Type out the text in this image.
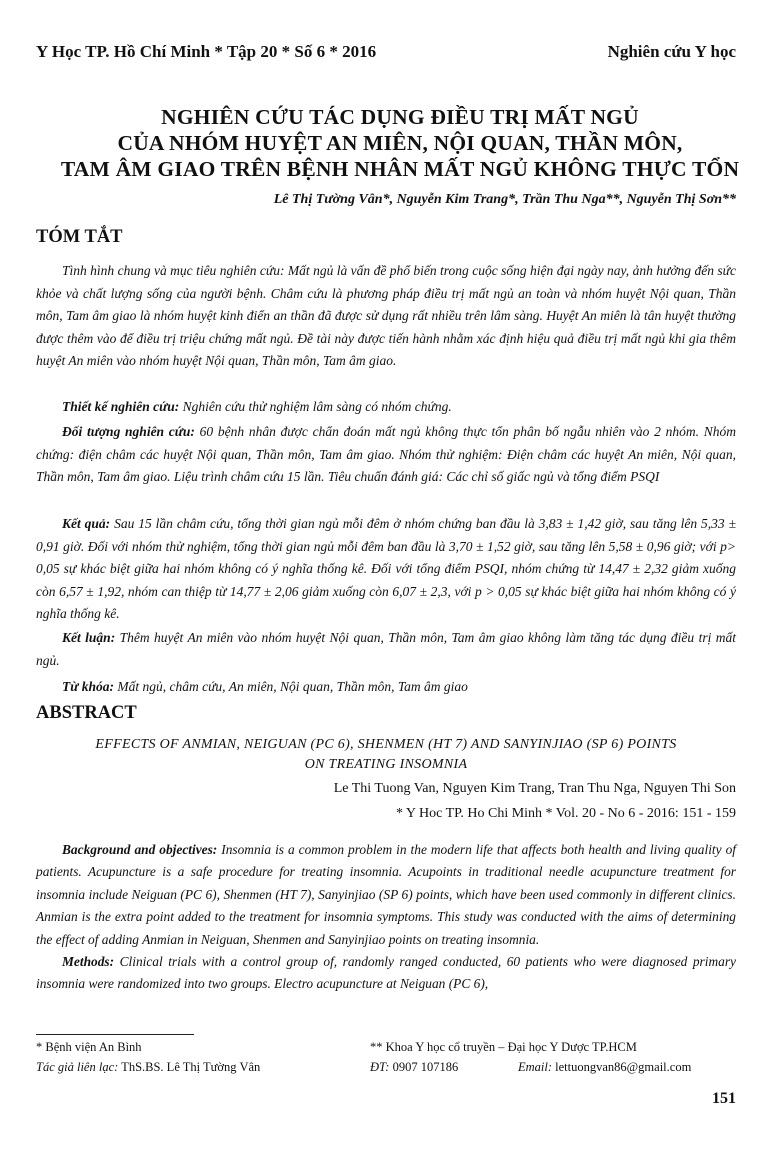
Y Học TP. Hồ Chí Minh * Tập 20 * Số 6 * 2016	Nghiên cứu Y học
NGHIÊN CỨU TÁC DỤNG ĐIỀU TRỊ MẤT NGỦ
CỦA NHÓM HUYỆT AN MIÊN, NỘI QUAN, THẦN MÔN,
TAM ÂM GIAO TRÊN BỆNH NHÂN MẤT NGỦ KHÔNG THỰC TỔN
Lê Thị Tường Vân*, Nguyễn Kim Trang*, Trần Thu Nga**, Nguyễn Thị Sơn**
TÓM TẮT
Tình hình chung và mục tiêu nghiên cứu: Mất ngủ là vấn đề phổ biến trong cuộc sống hiện đại ngày nay, ảnh hưởng đến sức khỏe và chất lượng sống của người bệnh. Châm cứu là phương pháp điều trị mất ngủ an toàn và nhóm huyệt Nội quan, Thần môn, Tam âm giao là nhóm huyệt kinh điển an thần đã được sử dụng rất nhiều trên lâm sàng. Huyệt An miên là tân huyệt thường được thêm vào để điều trị triệu chứng mất ngủ. Đề tài này được tiến hành nhằm xác định hiệu quả điều trị mất ngủ khi gia thêm huyệt An miên vào nhóm huyệt Nội quan, Thần môn, Tam âm giao.
Thiết kế nghiên cứu: Nghiên cứu thử nghiệm lâm sàng có nhóm chứng.
Đối tượng nghiên cứu: 60 bệnh nhân được chẩn đoán mất ngủ không thực tổn phân bố ngẫu nhiên vào 2 nhóm. Nhóm chứng: điện châm các huyệt Nội quan, Thần môn, Tam âm giao. Nhóm thử nghiệm: Điện châm các huyệt An miên, Nội quan, Thần môn, Tam âm giao. Liệu trình châm cứu 15 lần. Tiêu chuẩn đánh giá: Các chỉ số giấc ngủ và tổng điểm PSQI
Kết quả: Sau 15 lần châm cứu, tổng thời gian ngủ mỗi đêm ở nhóm chứng ban đầu là 3,83 ± 1,42 giờ, sau tăng lên 5,33 ± 0,91 giờ. Đối với nhóm thử nghiệm, tổng thời gian ngủ mỗi đêm ban đầu là 3,70 ± 1,52 giờ, sau tăng lên 5,58 ± 0,96 giờ; với p> 0,05 sự khác biệt giữa hai nhóm không có ý nghĩa thống kê. Đối với tổng điểm PSQI, nhóm chứng từ 14,47 ± 2,32 giảm xuống còn 6,57 ± 1,92, nhóm can thiệp từ 14,77 ± 2,06 giảm xuống còn 6,07 ± 2,3, với p > 0,05 sự khác biệt giữa hai nhóm không có ý nghĩa thống kê.
Kết luận: Thêm huyệt An miên vào nhóm huyệt Nội quan, Thần môn, Tam âm giao không làm tăng tác dụng điều trị mất ngủ.
Từ khóa: Mất ngủ, châm cứu, An miên, Nội quan, Thần môn, Tam âm giao
ABSTRACT
EFFECTS OF ANMIAN, NEIGUAN (PC 6), SHENMEN (HT 7) AND SANYINJIAO (SP 6) POINTS
ON TREATING INSOMNIA
Le Thi Tuong Van, Nguyen Kim Trang, Tran Thu Nga, Nguyen Thi Son
* Y Hoc TP. Ho Chi Minh * Vol. 20 - No 6 - 2016: 151 - 159
Background and objectives: Insomnia is a common problem in the modern life that affects both health and living quality of patients. Acupuncture is a safe procedure for treating insomnia. Acupoints in traditional needle acupuncture treatment for insomnia include Neiguan (PC 6), Shenmen (HT 7), Sanyinjiao (SP 6) points, which have been used commonly in different clinics. Anmian is the extra point added to the treatment for insomnia symptoms. This study was conducted with the aims of determining the effect of adding Anmian in Neiguan, Shenmen and Sanyinjiao points on treating insomnia.
Methods: Clinical trials with a control group of, randomly ranged conducted, 60 patients who were diagnosed primary insomnia were randomized into two groups. Electro acupuncture at Neiguan (PC 6),
* Bệnh viện An Bình	** Khoa Y học cổ truyền – Đại học Y Dược TP.HCM
Tác giả liên lạc: ThS.BS. Lê Thị Tường Vân	ĐT: 0907 107186	Email: lettuongvan86@gmail.com
151
